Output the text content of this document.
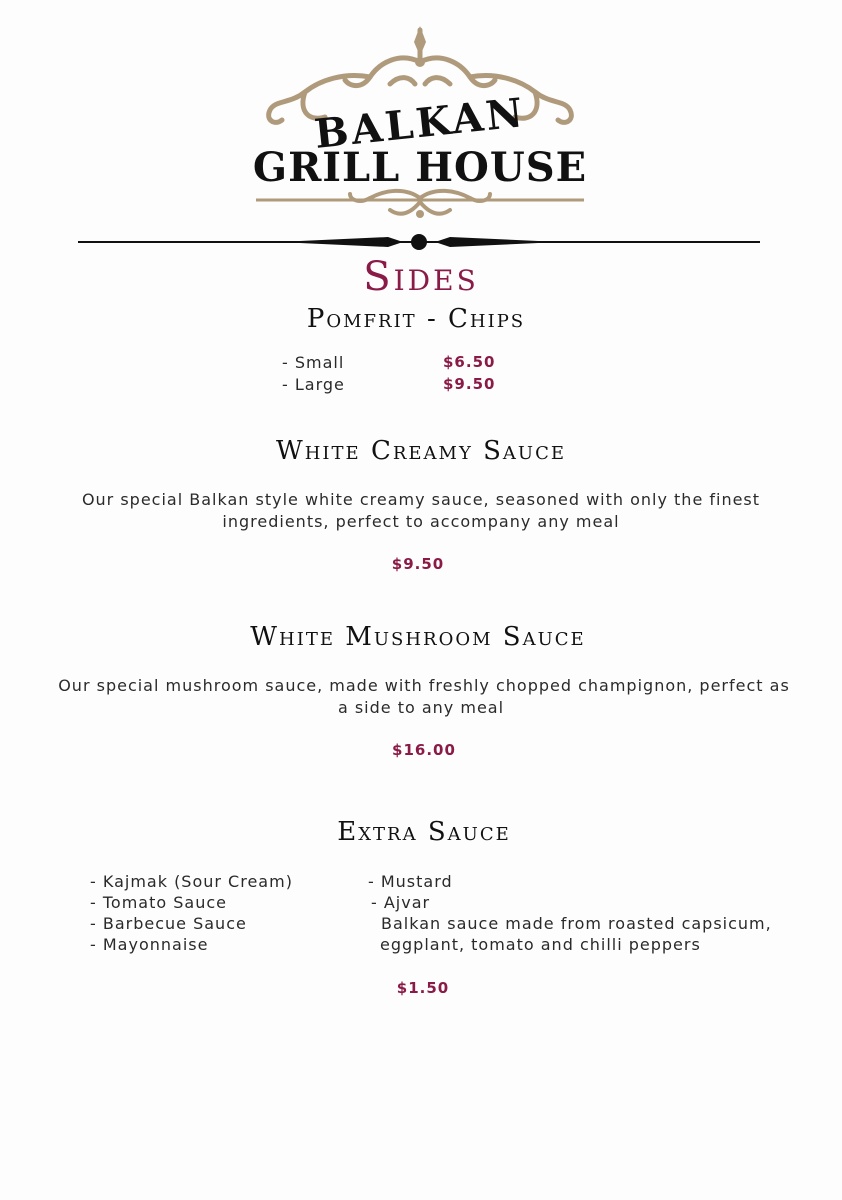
BALKAN
GRILL HOUSE
Sides
Pomfrit - Chips
- Small	$6.50
- Large	$9.50
White Creamy Sauce
Our special Balkan style white creamy sauce, seasoned with only the finest
ingredients, perfect to accompany any meal
$9.50
White Mushroom Sauce
Our special mushroom sauce, made with freshly chopped champignon, perfect as
a side to any meal
$16.00
Extra Sauce
- Kajmak (Sour Cream)
- Tomato Sauce
- Barbecue Sauce
- Mayonnaise
- Mustard
- Ajvar
Balkan sauce made from roasted capsicum,
eggplant, tomato and chilli peppers
$1.50
